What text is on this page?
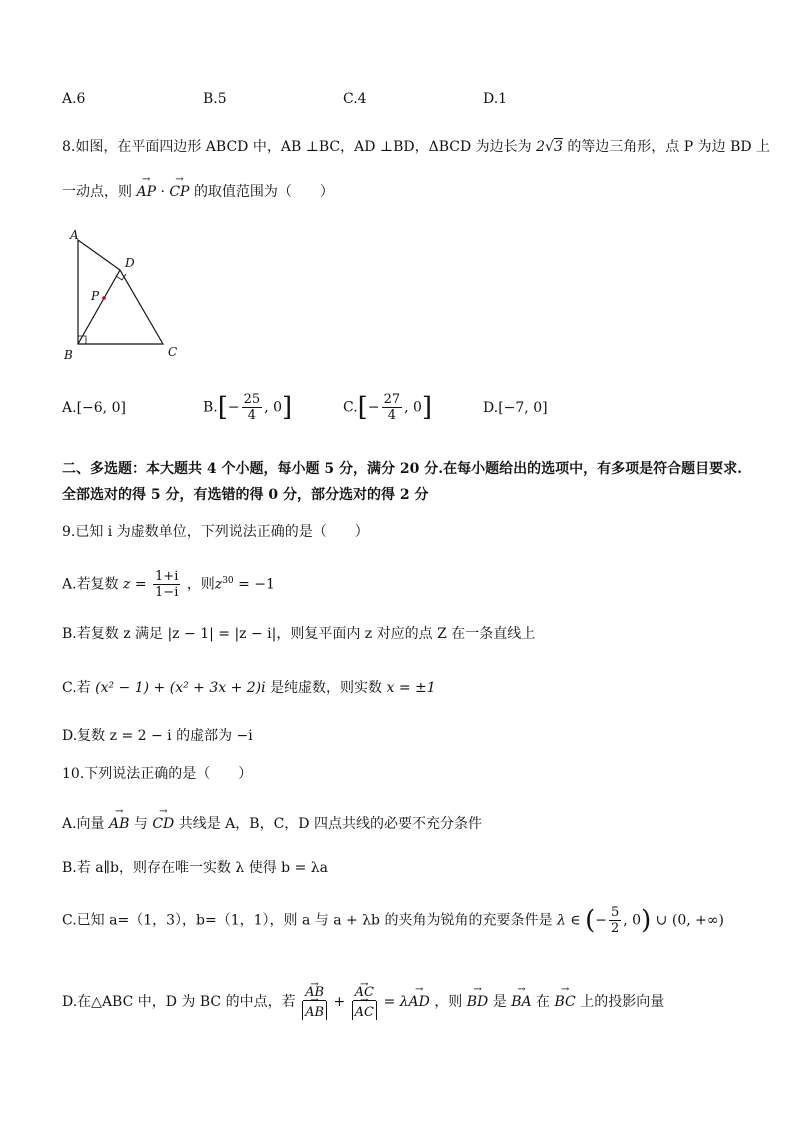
A.6	B.5	C.4	D.1
8.如图，在平面四边形 ABCD 中，AB ⊥BC，AD ⊥BD，ΔBCD 为边长为 2√3 的等边三角形，点 P 为边 BD 上
一动点，则 → AP · → CP 的取值范围为（　　）
A
D
P
B	C
A.[−6, 0]	$B.[- \frac{25}{4}$ , 0]	$C.[- \frac{27}{4}$ , 0]	D.[−7, 0]
二、多选题：本大题共 4 个小题，每小题 5 分，满分 20 分.在每小题给出的选项中，有多项是符合题目要求.
全部选对的得 5 分，有选错的得 0 分，部分选对的得 2 分
9.已知 i 为虚数单位，下列说法正确的是（　　）
A.若复数 $z = \frac{1+i}{1-i}$ ，则$z^{30} = -1$
B.若复数 z 满足 |z − 1| = |z − i|，则复平面内 z 对应的点 Z 在一条直线上
C.若 (x² − 1) + (x² + 3x + 2)i 是纯虚数，则实数 x = ±1
D.复数 z = 2 − i 的虚部为 −i
10.下列说法正确的是（　　）
A.向量 → AB 与 → CD 共线是 A，B，C，D 四点共线的必要不充分条件
B.若 a∥b，则存在唯一实数 λ 使得 b = λa
C.已知 a=（1，3），b=（1，1），则 a 与 a + λb 的夹角为锐角的充要条件是 λ ∈ (− $\frac{5}{2}$ , 0) ∪ (0, +∞)
D.在△ABC 中，D 为 BC 的中点，若 → AB
→ AB + → AC
→ AC = λ→ AD ，则 → BD 是 → BA 在 → BC 上的投影向量
